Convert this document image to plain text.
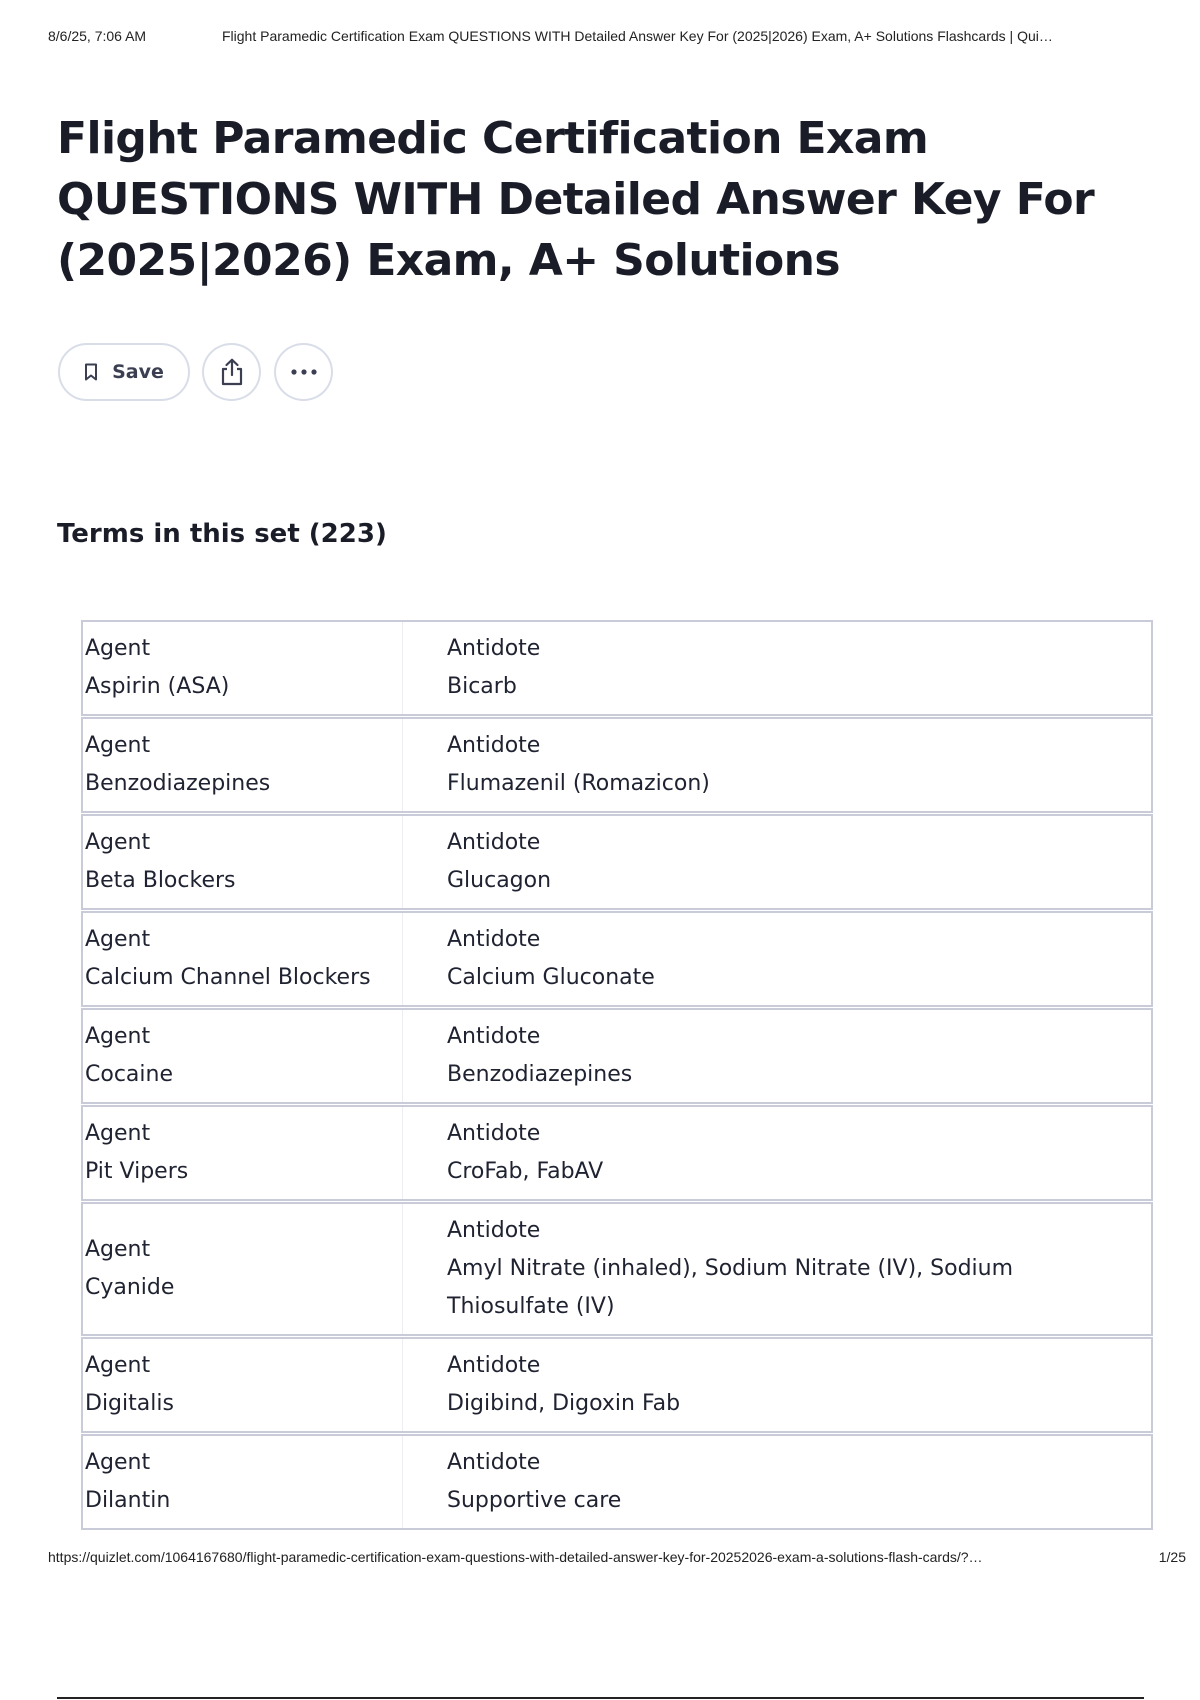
8/6/25, 7:06 AM	Flight Paramedic Certification Exam QUESTIONS WITH Detailed Answer Key For (2025|2026) Exam, A+ Solutions Flashcards | Qui…
Flight Paramedic Certification Exam QUESTIONS WITH Detailed Answer Key For (2025|2026) Exam, A+ Solutions
Save
Terms in this set (223)
Agent
Aspirin (ASA)
Antidote
Bicarb
Agent
Benzodiazepines
Antidote
Flumazenil (Romazicon)
Agent
Beta Blockers
Antidote
Glucagon
Agent
Calcium Channel Blockers
Antidote
Calcium Gluconate
Agent
Cocaine
Antidote
Benzodiazepines
Agent
Pit Vipers
Antidote
CroFab, FabAV
Agent
Cyanide
Antidote
Amyl Nitrate (inhaled), Sodium Nitrate (IV), Sodium Thiosulfate (IV)
Agent
Digitalis
Antidote
Digibind, Digoxin Fab
Agent
Dilantin
Antidote
Supportive care
https://quizlet.com/1064167680/flight-paramedic-certification-exam-questions-with-detailed-answer-key-for-20252026-exam-a-solutions-flash-cards/?…	1/25
